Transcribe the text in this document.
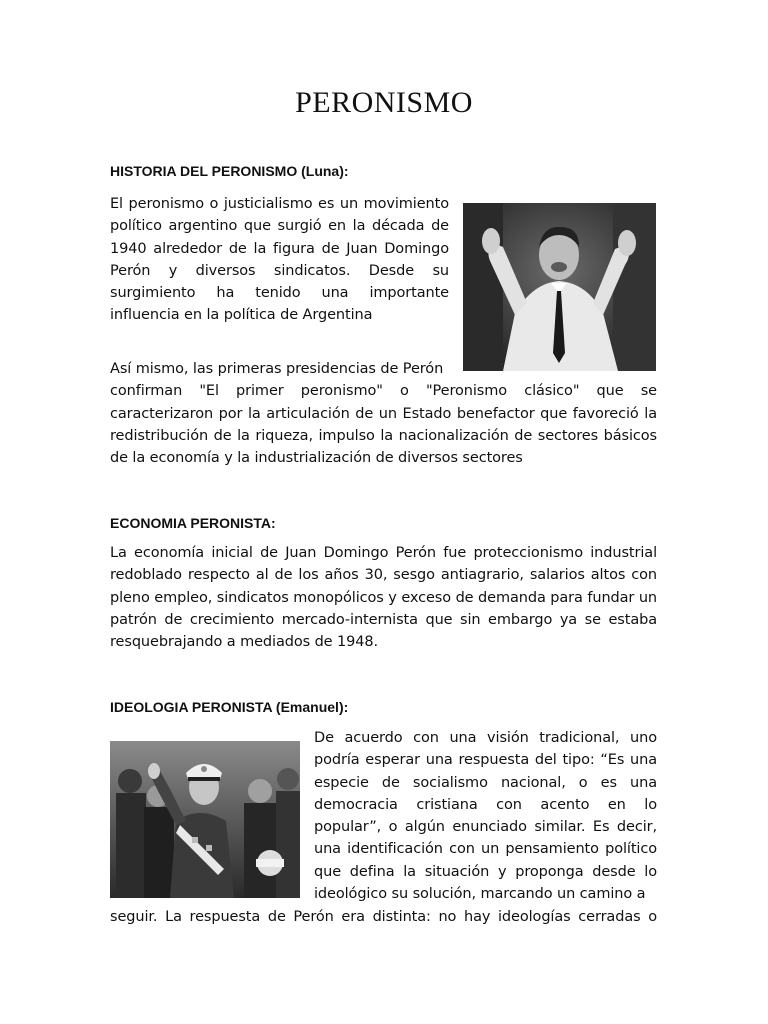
PERONISMO
HISTORIA DEL PERONISMO (Luna):

El peronismo o justicialismo es un movimiento político argentino que surgió en la década de 1940 alrededor de la figura de Juan Domingo Perón y diversos sindicatos. Desde su surgimiento ha tenido una importante influencia en la política de Argentina

Así mismo, las primeras presidencias de Perón
confirman "El primer peronismo" o "Peronismo clásico" que se caracterizaron por la articulación de un Estado benefactor que favoreció la redistribución de la riqueza, impulso la nacionalización de sectores básicos de la economía y la industrialización de diversos sectores

ECONOMIA PERONISTA:

La economía inicial de Juan Domingo Perón fue proteccionismo industrial redoblado respecto al de los años 30, sesgo antiagrario, salarios altos con pleno empleo, sindicatos monopólicos y exceso de demanda para fundar un patrón de crecimiento mercado-internista que sin embargo ya se estaba resquebrajando a mediados de 1948.

IDEOLOGIA PERONISTA (Emanuel):

De acuerdo con una visión tradicional, uno podría esperar una respuesta del tipo: “Es una especie de socialismo nacional, o es una democracia cristiana con acento en lo popular”, o algún enunciado similar. Es decir, una identificación con un pensamiento político que defina la situación y proponga desde lo ideológico su solución, marcando un camino a

seguir. La respuesta de Perón era distinta: no hay ideologías cerradas o
